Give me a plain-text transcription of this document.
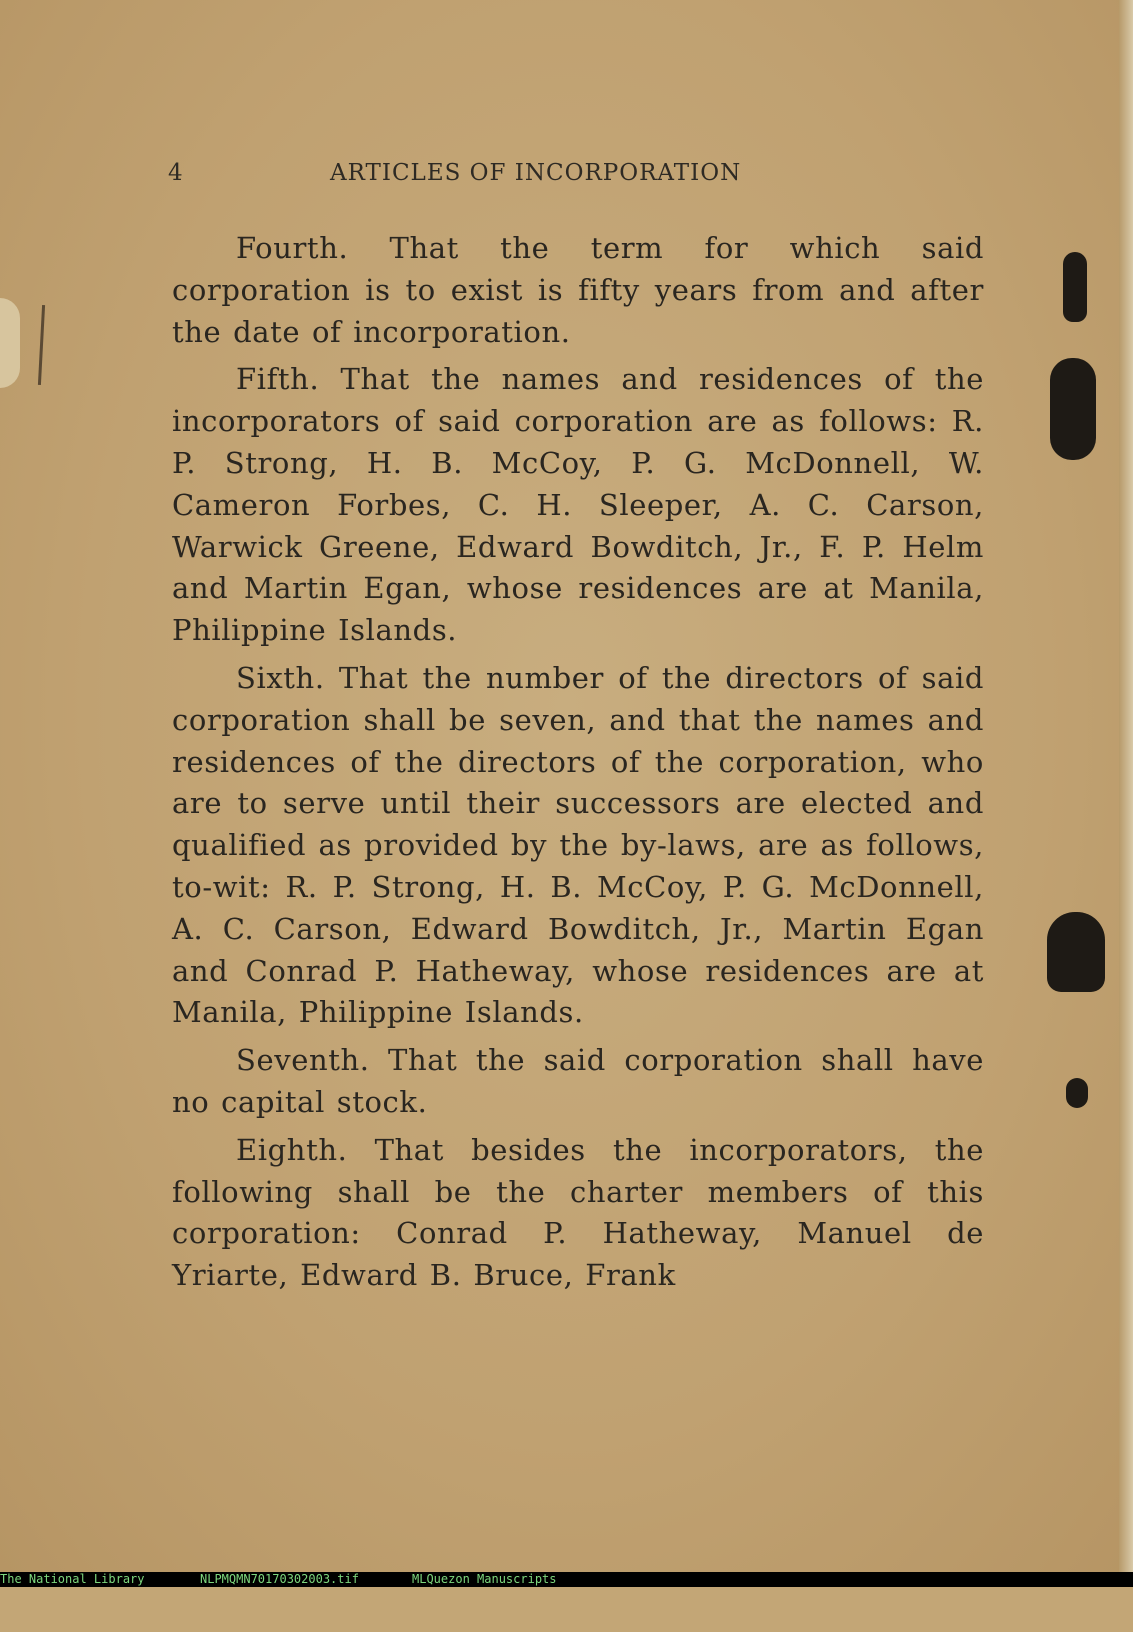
4	ARTICLES OF INCORPORATION

Fourth. That the term for which said corporation is to exist is fifty years from and after the date of incorporation.

Fifth. That the names and residences of the incorporators of said corporation are as follows: R. P. Strong, H. B. McCoy, P. G. McDonnell, W. Cameron Forbes, C. H. Sleeper, A. C. Carson, Warwick Greene, Edward Bowditch, Jr., F. P. Helm and Martin Egan, whose residences are at Manila, Philippine Islands.

Sixth. That the number of the directors of said corporation shall be seven, and that the names and residences of the directors of the corporation, who are to serve until their successors are elected and qualified as provided by the by-laws, are as follows, to-wit: R. P. Strong, H. B. McCoy, P. G. McDonnell, A. C. Carson, Edward Bowditch, Jr., Martin Egan and Conrad P. Hatheway, whose residences are at Manila, Philippine Islands.

Seventh. That the said corporation shall have no capital stock.

Eighth. That besides the incorporators, the following shall be the charter members of this corporation: Conrad P. Hatheway, Manuel de Yriarte, Edward B. Bruce, Frank

The National Library

	NLPMQMN70170302003.tif

	MLQuezon Manuscripts
